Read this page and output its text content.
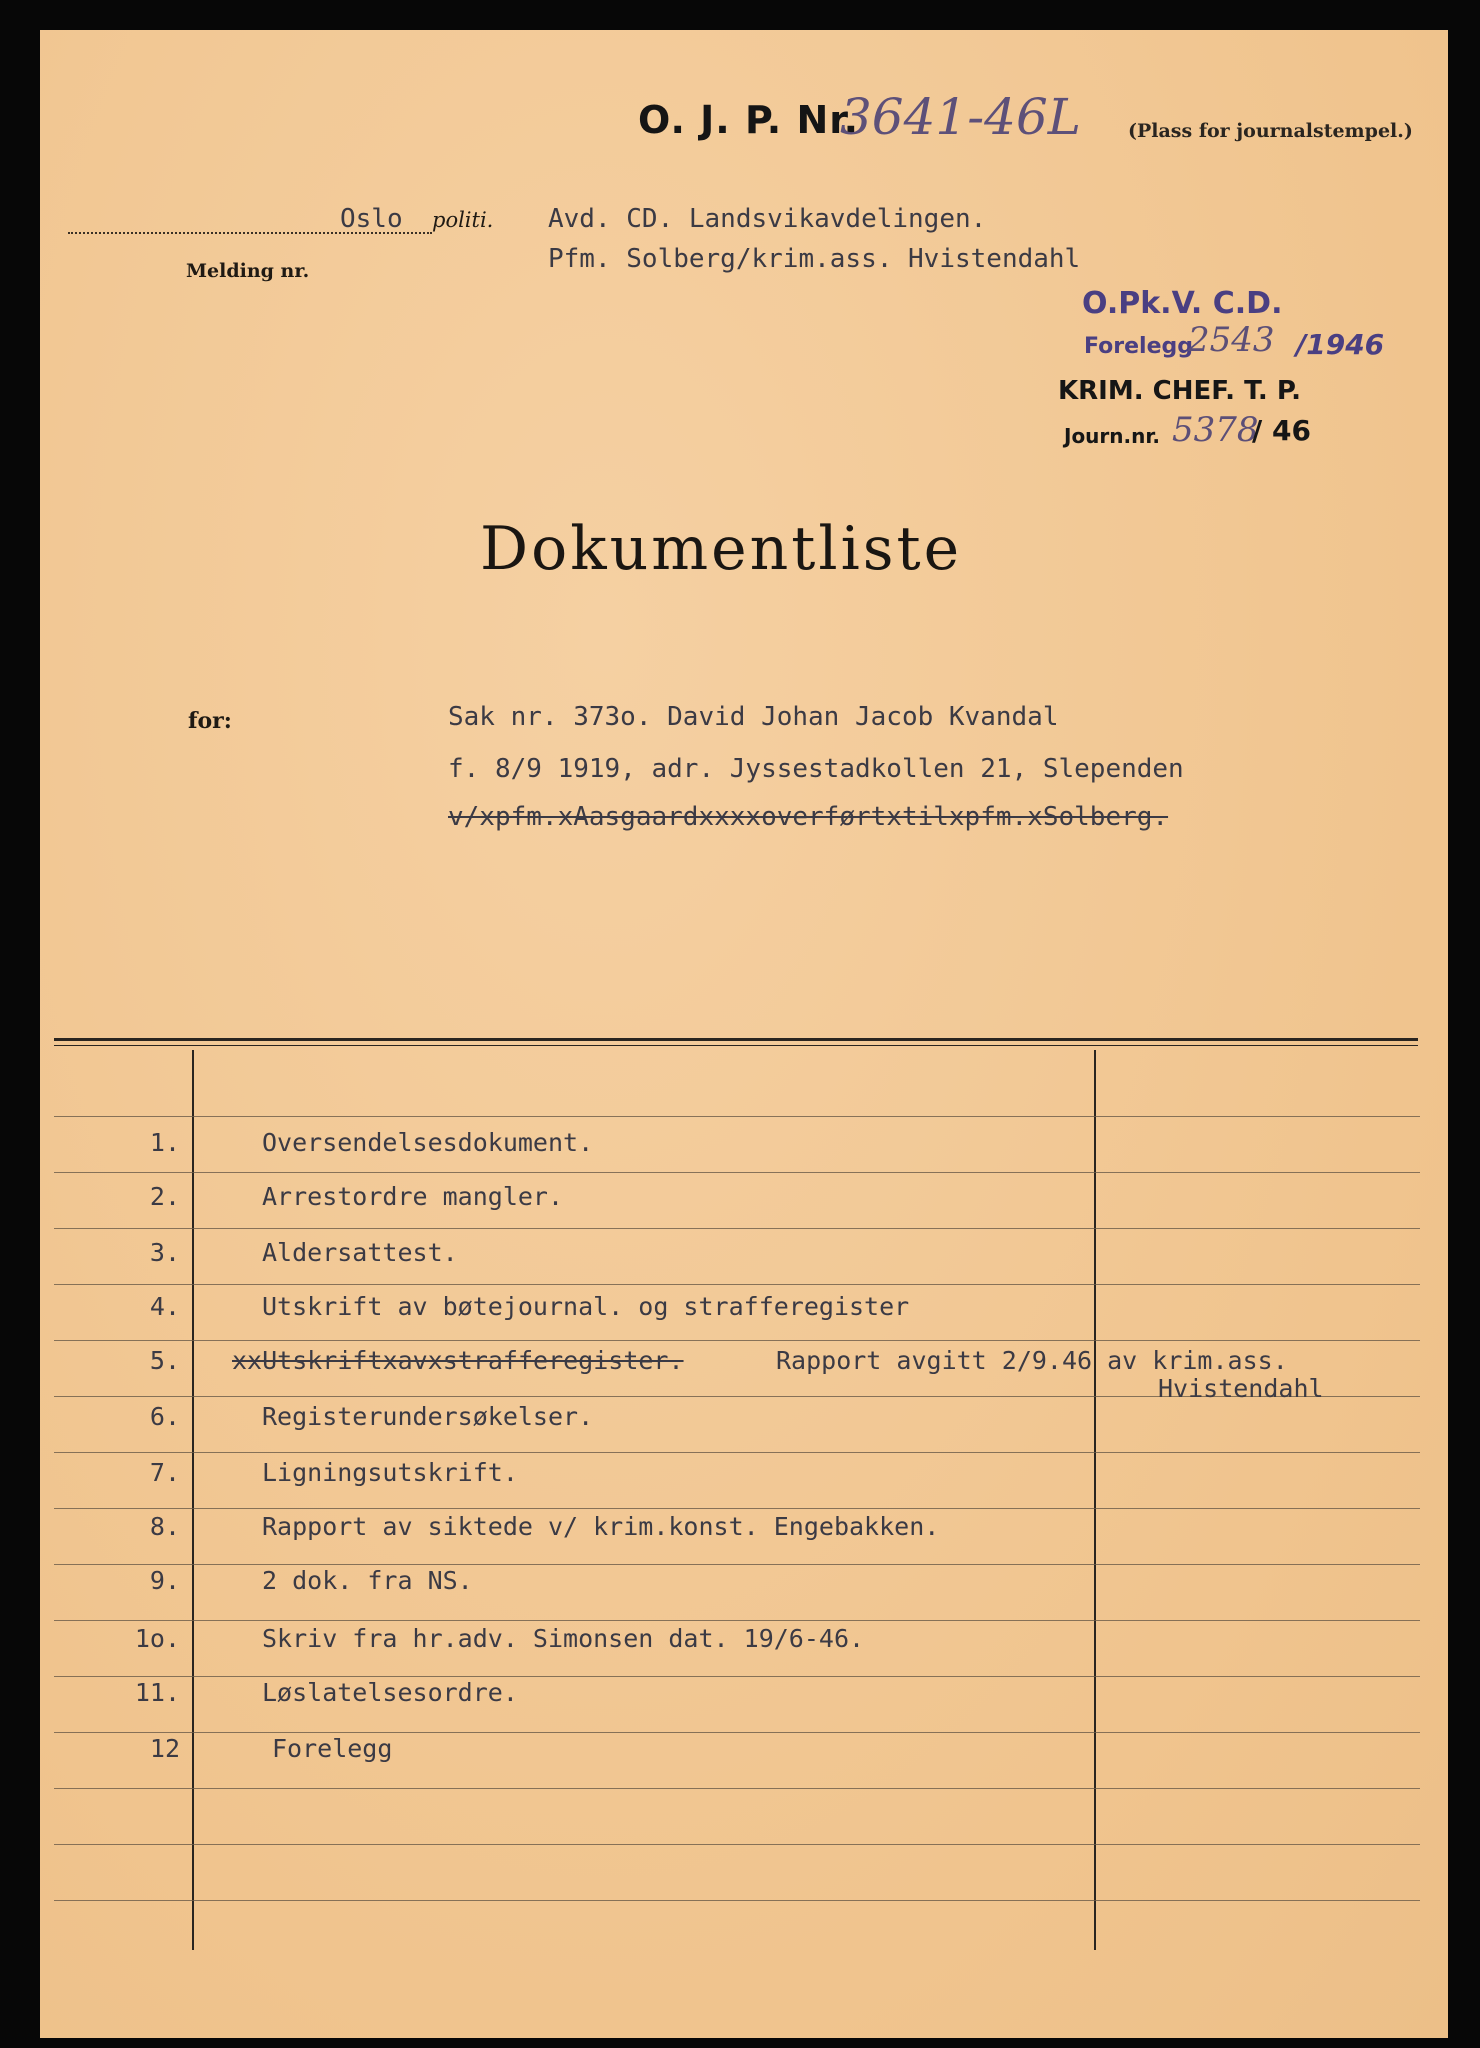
O. J. P. Nr.
3641-46L (Plass for journalstempel.)
Oslo politi.
Melding nr.
Avd. CD. Landsvikavdelingen.
Pfm. Solberg/krim.ass. Hvistendahl
O.Pk.V. C.D.
Forelegg
2543 /1946
KRIM. CHEF. T. P.
Journ.nr. 5378
/ 46
Dokumentliste
for:	Sak nr. 373o. David Johan Jacob Kvandal
f. 8/9 1919, adr. Jyssestadkollen 21, Slependen
v/xpfm.xAasgaardxxxxoverførtxtilxpfm.xSolberg.
1.	Oversendelsesdokument.
2.	Arrestordre mangler.
3.	Aldersattest.
4.	Utskrift av bøtejournal. og strafferegister
5. xxUtskriftxavxstrafferegister.	Rapport avgitt 2/9.46 av krim.ass.
Hvistendahl
6.	Registerundersøkelser.
7.	Ligningsutskrift.
8.	Rapport av siktede v/ krim.konst. Engebakken.
9.	2 dok. fra NS.
1o.	Skriv fra hr.adv. Simonsen dat. 19/6-46.
11.	Løslatelsesordre.
12	Forelegg
